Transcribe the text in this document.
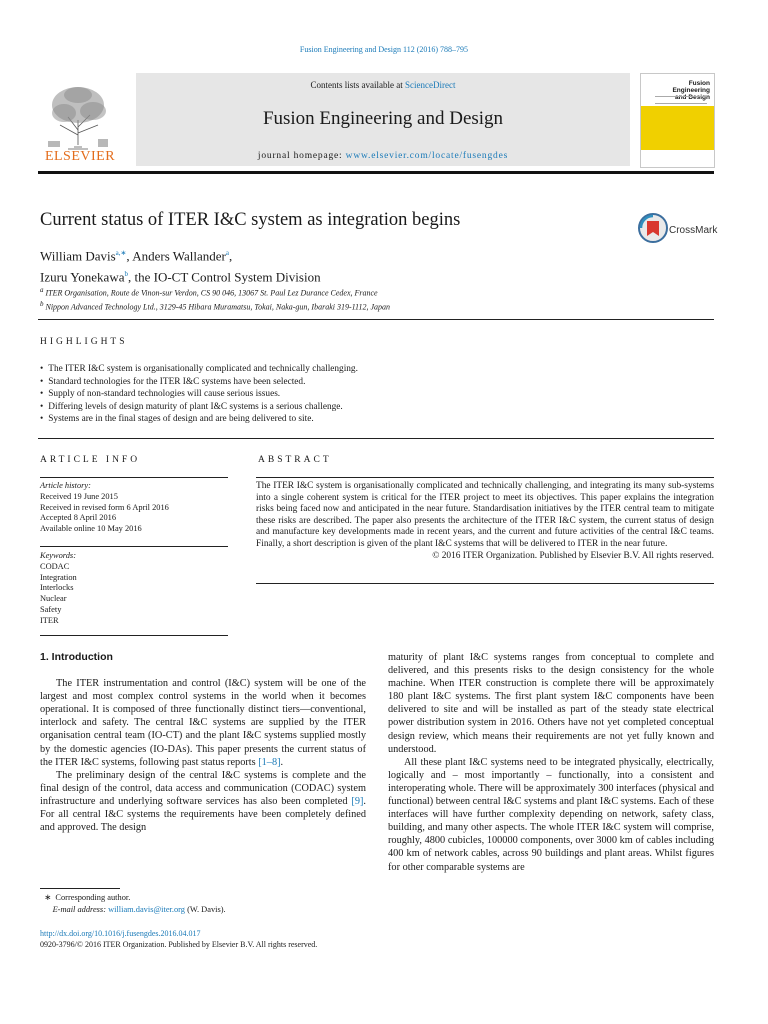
Fusion Engineering and Design 112 (2016) 788–795
Contents lists available at ScienceDirect
Fusion Engineering and Design
journal homepage: www.elsevier.com/locate/fusengdes
ELSEVIER
Fusion Engineering
and Design
Current status of ITER I&C system as integration begins
CrossMark
William Davis$^{a,∗}$, Anders Wallander$^a$,
Izuru Yonekawa$^b$, the IO-CT Control System Division
$^a$ ITER Organisation, Route de Vinon-sur Verdon, CS 90 046, 13067 St. Paul Lez Durance Cedex, France
$^b$ Nippon Advanced Technology Ltd., 3129-45 Hibara Muramatsu, Tokai, Naka-gun, Ibaraki 319-1112, Japan
HIGHLIGHTS
• The ITER I&C system is organisationally complicated and technically challenging.
• Standard technologies for the ITER I&C systems have been selected.
• Supply of non-standard technologies will cause serious issues.
• Differing levels of design maturity of plant I&C systems is a serious challenge.
• Systems are in the final stages of design and are being delivered to site.
ARTICLE INFO	ABSTRACT
Article history:
Received 19 June 2015
Received in revised form 6 April 2016
Accepted 8 April 2016
Available online 10 May 2016
Keywords:
CODAC
Integration
Interlocks
Nuclear
Safety
ITER
The ITER I&C system is organisationally complicated and technically challenging, and integrating its many sub-systems into a single coherent system is critical for the ITER project to meet its objectives. This paper explains the integration risks being faced now and anticipated in the near future. Standardisation initiatives by the ITER central team to mitigate these risks are described. The paper also presents the architecture of the ITER I&C system, the current status of design and manufacture key developments made in recent years, and the current and future activities of the central I&C teams. Finally, a short description is given of the plant I&C systems that will be delivered to ITER in the near future.
© 2016 ITER Organization. Published by Elsevier B.V. All rights reserved.
1. Introduction

The ITER instrumentation and control (I&C) system will be one of the largest and most complex control systems in the world when it becomes operational. It is composed of three functionally distinct tiers—conventional, interlock and safety. The central I&C systems are supplied by the ITER organisation central team (IO-CT) and the plant I&C systems supplied mostly by the domestic agencies (IO-DAs). This paper presents the current status of the ITER I&C systems, following past status reports [1–8].

The preliminary design of the central I&C systems is complete and the final design of the control, data access and communication (CODAC) system infrastructure and underlying software services has also been completed [9]. For all central I&C systems the requirements have been completely defined and approved. The design

maturity of plant I&C systems ranges from conceptual to complete and delivered, and this presents risks to the design consistency for the whole machine. When ITER construction is complete there will be approximately 180 plant I&C systems. The first plant system I&C components have been delivered to site and will be installed as part of the steady state electrical power distribution system in 2016. Others have not yet completed conceptual design review, which means their requirements are not yet fully known and understood.

All these plant I&C systems need to be integrated physically, electrically, logically and – most importantly – functionally, into a consistent and interoperating whole. There will be approximately 300 interfaces (physical and functional) between central I&C systems and plant I&C systems. Each of these interfaces will have further complexity depending on network, safety class, building, and many other aspects. The whole ITER I&C system will comprise, roughly, 4800 cubicles, 100000 components, over 3000 km of cables including 400 km of network cables, across 90 buildings and plant areas. Whilst figures for other comparable systems are

∗ Corresponding author.
E-mail address: william.davis@iter.org (W. Davis).
http://dx.doi.org/10.1016/j.fusengdes.2016.04.017
0920-3796/© 2016 ITER Organization. Published by Elsevier B.V. All rights reserved.
